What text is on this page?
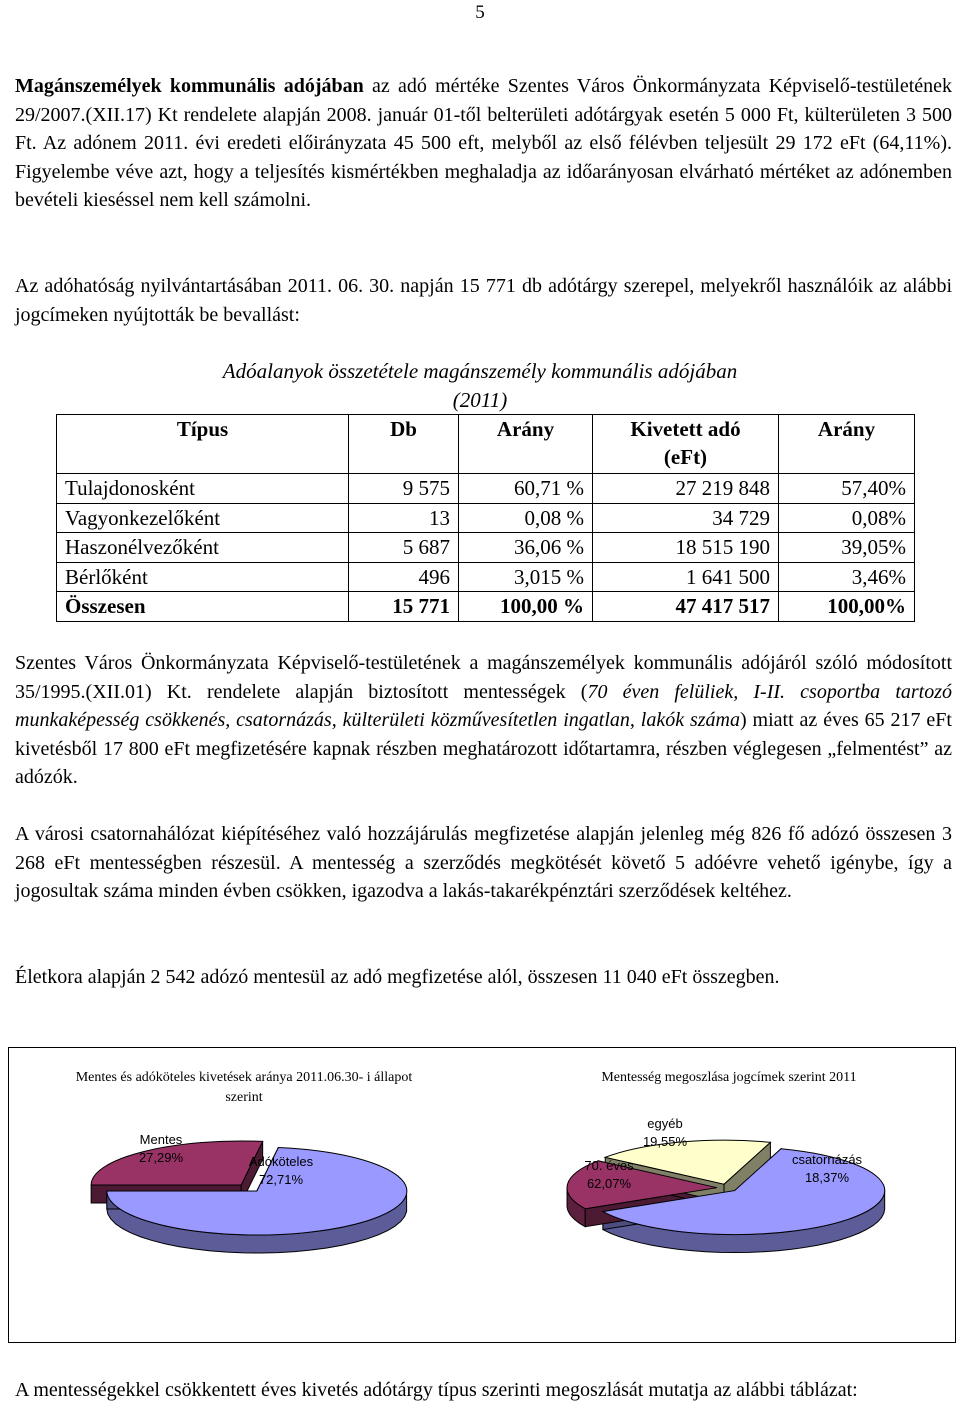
5

Magánszemélyek kommunális adójában az adó mértéke Szentes Város Önkormányzata Képviselő-testületének 29/2007.(XII.17) Kt rendelete alapján 2008. január 01-től belterületi adótárgyak esetén 5 000 Ft, külterületen 3 500 Ft. Az adónem 2011. évi eredeti előirányzata 45 500 eft, melyből az első félévben teljesült 29 172 eFt (64,11%). Figyelembe véve azt, hogy a teljesítés kismértékben meghaladja az időarányosan elvárható mértéket az adónemben bevételi kieséssel nem kell számolni.

Az adóhatóság nyilvántartásában 2011. 06. 30. napján 15 771 db adótárgy szerepel, melyekről használóik az alábbi jogcímeken nyújtották be bevallást:

Adóalanyok összetétele magánszemély kommunális adójában
(2011)
Típus	Db	Arány	Kivetett adó (eFt)	Arány
Tulajdonosként	9 575	60,71 %	27 219 848	57,40%
Vagyonkezelőként	13	0,08 %	34 729	0,08%
Haszonélvezőként	5 687	36,06 %	18 515 190	39,05%
Bérlőként	496	3,015 %	1 641 500	3,46%
Összesen	15 771	100,00 %	47 417 517	100,00%

Szentes Város Önkormányzata Képviselő-testületének a magánszemélyek kommunális adójáról szóló módosított 35/1995.(XII.01) Kt. rendelete alapján biztosított mentességek (70 éven felüliek, I-II. csoportba tartozó munkaképesség csökkenés, csatornázás, külterületi közművesítetlen ingatlan, lakók száma) miatt az éves 65 217 eFt kivetésből 17 800 eFt megfizetésére kapnak részben meghatározott időtartamra, részben véglegesen „felmentést” az adózók.

A városi csatornahálózat kiépítéséhez való hozzájárulás megfizetése alapján jelenleg még 826 fő adózó összesen 3 268 eFt mentességben részesül. A mentesség a szerződés megkötését követő 5 adóévre vehető igénybe, így a jogosultak száma minden évben csökken, igazodva a lakás-takarékpénztári szerződések keltéhez.

Életkora alapján 2 542 adózó mentesül az adó megfizetése alól, összesen 11 040 eFt összegben.

Mentes és adóköteles kivetések aránya 2011.06.30- i állapot szerint
Mentesség megoszlása jogcímek szerint 2011
Mentes
27,29%	Adóköteles
72,71%
70. éves
62,07%
csatornázás
18,37%
egyéb
19,55%

A mentességekkel csökkentett éves kivetés adótárgy típus szerinti megoszlását mutatja az alábbi táblázat:
